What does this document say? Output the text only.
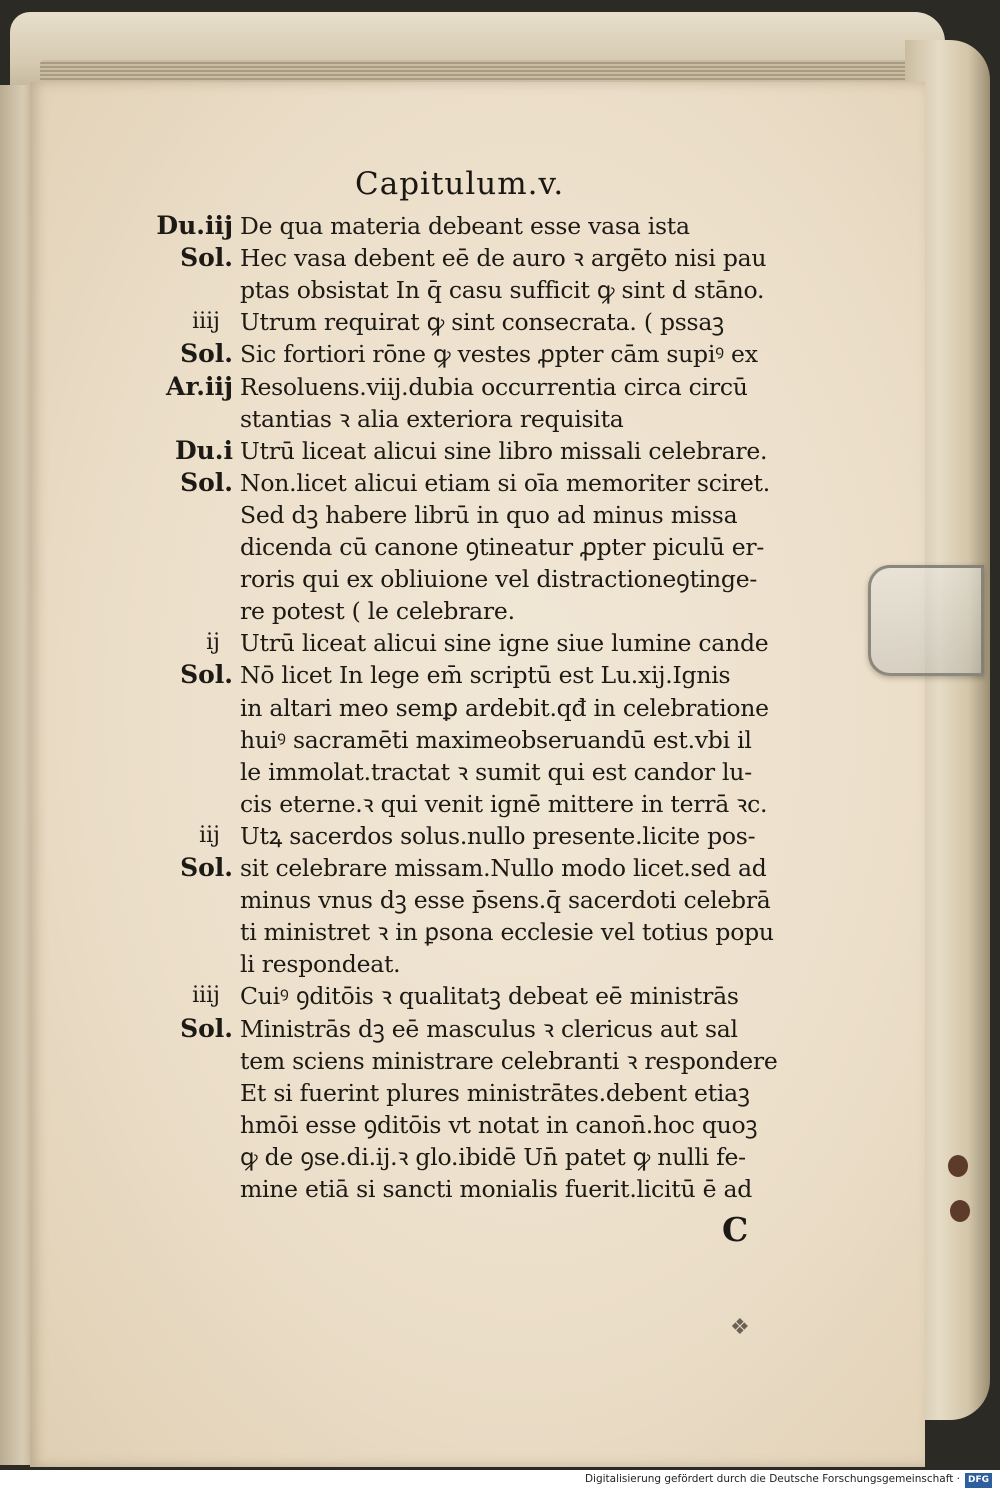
Capitulum.v.
Du.iij De qua materia debeant esse vasa ista
Sol. Hec vasa debent eē de auro ꝛ argēto nisi pau
ptas obsistat In q̄ casu sufficit ꝙ sint d stāno.
iiij Utrum requirat ꝙ sint consecrata. ( pssaꝫ
Sol. Sic fortiori rōne ꝙ vestes ꝓpter cām supiꝰ ex
Ar.iij Resoluens.viij.dubia occurrentia circa circū
stantias ꝛ alia exteriora requisita
Du.i Utrū liceat alicui sine libro missali celebrare.
Sol. Non.licet alicui etiam si oīa memoriter sciret.
Sed dꝫ habere librū in quo ad minus missa
dicenda cū canone ꝯtineatur ꝓpter piculū er-
roris qui ex obliuione vel distractioneꝯtinge-
re potest ( le celebrare.
ij Utrū liceat alicui sine igne siue lumine cande
Sol. Nō licet In lege em̄ scriptū est Lu.xij.Ignis
in altari meo semꝑ ardebit.qđ in celebratione
huiꝰ sacramēti maximeobseruandū est.vbi il
le immolat.tractat ꝛ sumit qui est candor lu-
cis eterne.ꝛ qui venit ignē mittere in terrā ꝛc.
iij Utꝝ sacerdos solus.nullo presente.licite pos-
Sol. sit celebrare missam.Nullo modo licet.sed ad
minus vnus dꝫ esse p̄sens.q̄ sacerdoti celebrā
ti ministret ꝛ in ꝑsona ecclesie vel totius popu
li respondeat.
iiij Cuiꝰ ꝯditōis ꝛ qualitatꝫ debeat eē ministrās
Sol. Ministrās dꝫ eē masculus ꝛ clericus aut sal
tem sciens ministrare celebranti ꝛ respondere
Et si fuerint plures ministrātes.debent etiaꝫ
hmōi esse ꝯditōis vt notat in canon̄.hoc quoꝫ
ꝙ de ꝯse.di.ij.ꝛ glo.ibidē Un̄ patet ꝙ nulli fe-
mine etiā si sancti monialis fuerit.licitū ē ad
C
❖
Digitalisierung gefördert durch die Deutsche Forschungsgemeinschaft · DFG
